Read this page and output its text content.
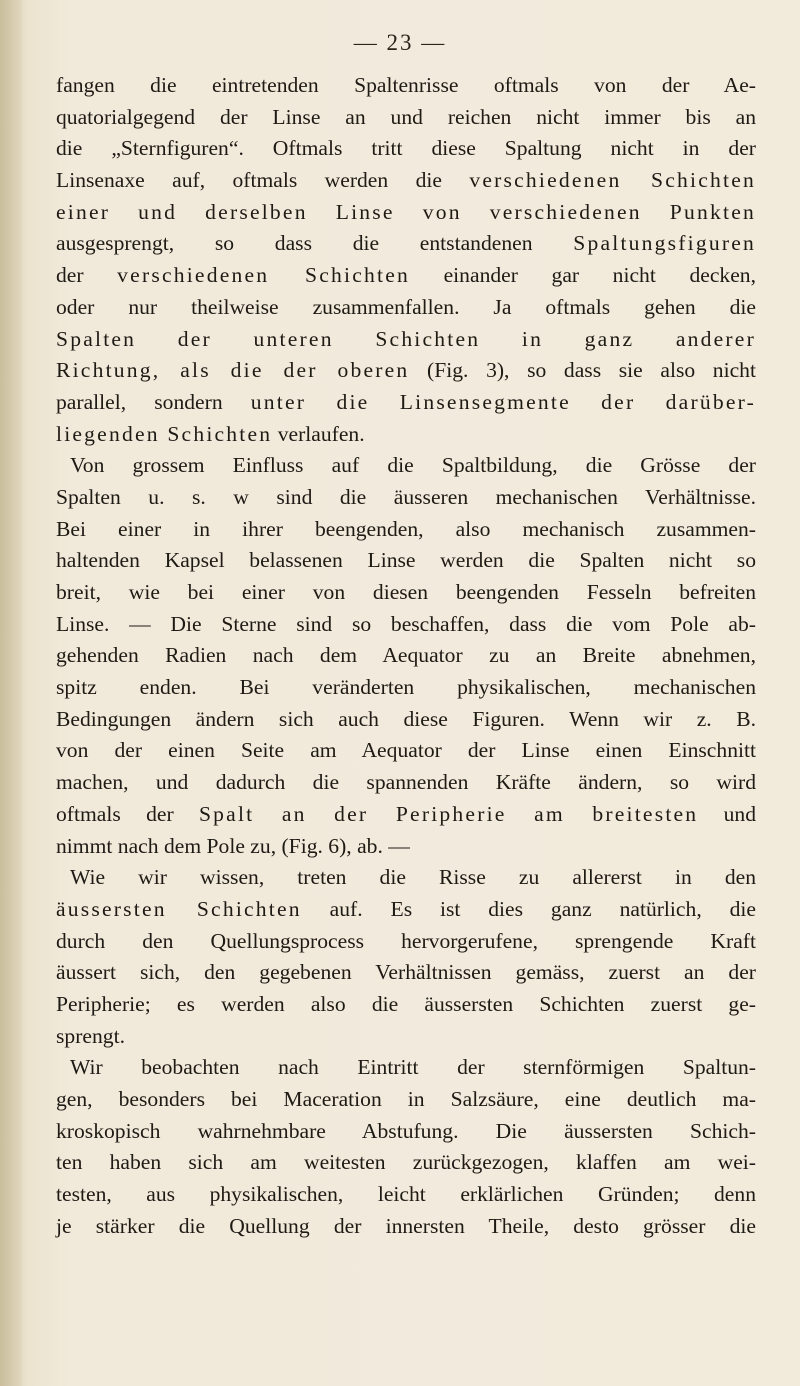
— 23 —
fangen die eintretenden Spaltenrisse oftmals von der Ae-
quatorialgegend der Linse an und reichen nicht immer bis an
die „Sternfiguren“. Oftmals tritt diese Spaltung nicht in der
Linsenaxe auf, oftmals werden die verschiedenen Schichten
einer und derselben Linse von verschiedenen Punkten
ausgesprengt, so dass die entstandenen Spaltungsfiguren
der verschiedenen Schichten einander gar nicht decken,
oder nur theilweise zusammenfallen. Ja oftmals gehen die
Spalten der unteren Schichten in ganz anderer
Richtung, als die der oberen (Fig. 3), so dass sie also nicht
parallel, sondern unter die Linsensegmente der darüber-
liegenden Schichten verlaufen.
Von grossem Einfluss auf die Spaltbildung, die Grösse der
Spalten u. s. w sind die äusseren mechanischen Verhältnisse.
Bei einer in ihrer beengenden, also mechanisch zusammen-
haltenden Kapsel belassenen Linse werden die Spalten nicht so
breit, wie bei einer von diesen beengenden Fesseln befreiten
Linse. — Die Sterne sind so beschaffen, dass die vom Pole ab-
gehenden Radien nach dem Aequator zu an Breite abnehmen,
spitz enden. Bei veränderten physikalischen, mechanischen
Bedingungen ändern sich auch diese Figuren. Wenn wir z. B.
von der einen Seite am Aequator der Linse einen Einschnitt
machen, und dadurch die spannenden Kräfte ändern, so wird
oftmals der Spalt an der Peripherie am breitesten und
nimmt nach dem Pole zu, (Fig. 6), ab. —
Wie wir wissen, treten die Risse zu allererst in den
äussersten Schichten auf. Es ist dies ganz natürlich, die
durch den Quellungsprocess hervorgerufene, sprengende Kraft
äussert sich, den gegebenen Verhältnissen gemäss, zuerst an der
Peripherie; es werden also die äussersten Schichten zuerst ge-
sprengt.
Wir beobachten nach Eintritt der sternförmigen Spaltun-
gen, besonders bei Maceration in Salzsäure, eine deutlich ma-
kroskopisch wahrnehmbare Abstufung. Die äussersten Schich-
ten haben sich am weitesten zurückgezogen, klaffen am wei-
testen, aus physikalischen, leicht erklärlichen Gründen; denn
je stärker die Quellung der innersten Theile, desto grösser die
